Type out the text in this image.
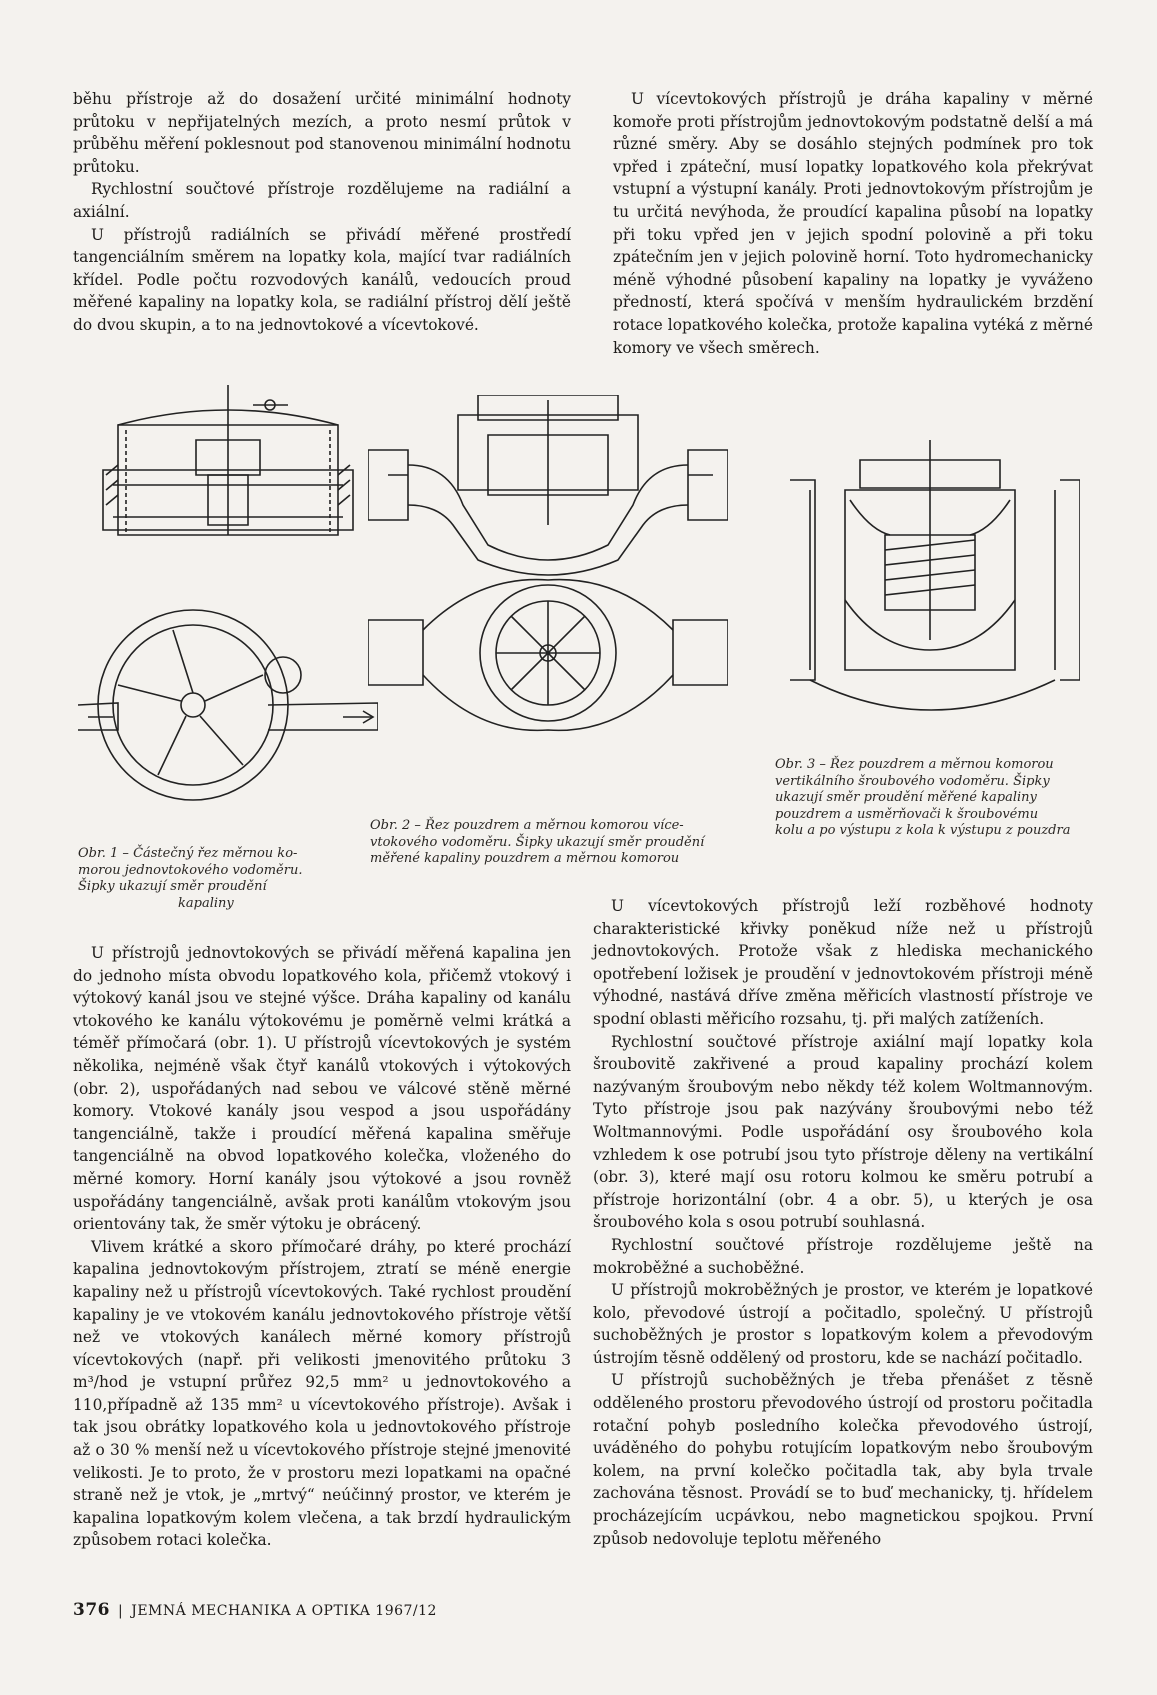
běhu přístroje až do dosažení určité minimální hodnoty průtoku v nepřijatelných mezích, a proto nesmí průtok v průběhu měření poklesnout pod stanovenou minimální hodnotu průtoku.

Rychlostní součtové přístroje rozdělujeme na radiální a axiální.

U přístrojů radiálních se přivádí měřené prostředí tangenciálním směrem na lopatky kola, mající tvar radiálních křídel. Podle počtu rozvodových kanálů, vedoucích proud měřené kapaliny na lopatky kola, se radiální přístroj dělí ještě do dvou skupin, a to na jednovtokové a vícevtokové.

U vícevtokových přístrojů je dráha kapaliny v měrné komoře proti přístrojům jednovtokovým podstatně delší a má různé směry. Aby se dosáhlo stejných podmínek pro tok vpřed i zpáteční, musí lopatky lopatkového kola překrývat vstupní a výstupní kanály. Proti jednovtokovým přístrojům je tu určitá nevýhoda, že proudící kapalina působí na lopatky při toku vpřed jen v jejich spodní polovině a při toku zpátečním jen v jejich polovině horní. Toto hydromechanicky méně výhodné působení kapaliny na lopatky je vyváženo předností, která spočívá v menším hydraulickém brzdění rotace lopatkového kolečka, protože kapalina vytéká z měrné komory ve všech směrech.

Obr. 1 – Částečný řez měrnou ko-
morou jednovtokového vodoměru.
Šipky ukazují směr proudění
kapaliny
Obr. 2 – Řez pouzdrem a měrnou komorou více-
vtokového vodoměru. Šipky ukazují směr proudění
měřené kapaliny pouzdrem a měrnou komorou
Obr. 3 – Řez pouzdrem a měrnou komorou
vertikálního šroubového vodoměru. Šipky
ukazují směr proudění měřené kapaliny
pouzdrem a usměrňovači k šroubovému
kolu a po výstupu z kola k výstupu z pouzdra

U přístrojů jednovtokových se přivádí měřená kapalina jen do jednoho místa obvodu lopatkového kola, přičemž vtokový i výtokový kanál jsou ve stejné výšce. Dráha kapaliny od kanálu vtokového ke kanálu výtokovému je poměrně velmi krátká a téměř přímočará (obr. 1). U přístrojů vícevtokových je systém několika, nejméně však čtyř kanálů vtokových i výtokových (obr. 2), uspořádaných nad sebou ve válcové stěně měrné komory. Vtokové kanály jsou vespod a jsou uspořádány tangenciálně, takže i proudící měřená kapalina směřuje tangenciálně na obvod lopatkového kolečka, vloženého do měrné komory. Horní kanály jsou výtokové a jsou rovněž uspořádány tangenciálně, avšak proti kanálům vtokovým jsou orientovány tak, že směr výtoku je obrácený.

Vlivem krátké a skoro přímočaré dráhy, po které prochází kapalina jednovtokovým přístrojem, ztratí se méně energie kapaliny než u přístrojů vícevtokových. Také rychlost proudění kapaliny je ve vtokovém kanálu jednovtokového přístroje větší než ve vtokových kanálech měrné komory přístrojů vícevtokových (např. při velikosti jmenovitého průtoku 3 m³/hod je vstupní průřez 92,5 mm² u jednovtokového a 110,případně až 135 mm² u vícevtokového přístroje). Avšak i tak jsou obrátky lopatkového kola u jednovtokového přístroje až o 30 % menší než u vícevtokového přístroje stejné jmenovité velikosti. Je to proto, že v prostoru mezi lopatkami na opačné straně než je vtok, je „mrtvý“ neúčinný prostor, ve kterém je kapalina lopatkovým kolem vlečena, a tak brzdí hydraulickým způsobem rotaci kolečka.

U vícevtokových přístrojů leží rozběhové hodnoty charakteristické křivky poněkud níže než u přístrojů jednovtokových. Protože však z hlediska mechanického opotřebení ložisek je proudění v jednovtokovém přístroji méně výhodné, nastává dříve změna měřicích vlastností přístroje ve spodní oblasti měřicího rozsahu, tj. při malých zatíženích.

Rychlostní součtové přístroje axiální mají lopatky kola šroubovitě zakřivené a proud kapaliny prochází kolem nazývaným šroubovým nebo někdy též kolem Woltmannovým. Tyto přístroje jsou pak nazývány šroubovými nebo též Woltmannovými. Podle uspořádání osy šroubového kola vzhledem k ose potrubí jsou tyto přístroje děleny na vertikální (obr. 3), které mají osu rotoru kolmou ke směru potrubí a přístroje horizontální (obr. 4 a obr. 5), u kterých je osa šroubového kola s osou potrubí souhlasná.

Rychlostní součtové přístroje rozdělujeme ještě na mokroběžné a suchoběžné.

U přístrojů mokroběžných je prostor, ve kterém je lopatkové kolo, převodové ústrojí a počitadlo, společný. U přístrojů suchoběžných je prostor s lopatkovým kolem a převodovým ústrojím těsně oddělený od prostoru, kde se nachází počitadlo.

U přístrojů suchoběžných je třeba přenášet z těsně odděleného prostoru převodového ústrojí od prostoru počitadla rotační pohyb posledního kolečka převodového ústrojí, uváděného do pohybu rotujícím lopatkovým nebo šroubovým kolem, na první kolečko počitadla tak, aby byla trvale zachována těsnost. Provádí se to buď mechanicky, tj. hřídelem procházejícím ucpávkou, nebo magnetickou spojkou. První způsob nedovoluje teplotu měřeného

376 | JEMNÁ MECHANIKA A OPTIKA 1967/12
